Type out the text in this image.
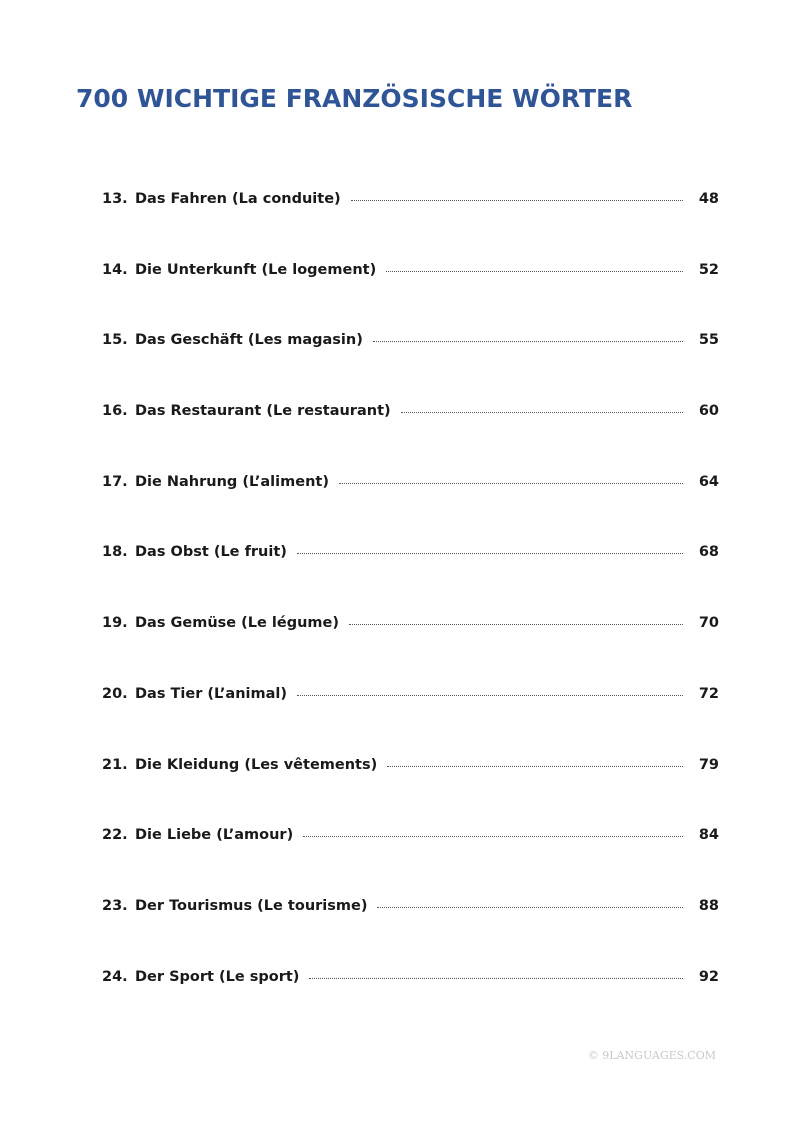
700 WICHTIGE FRANZÖSISCHE WÖRTER
13. Das Fahren (La conduite)	48
14. Die Unterkunft (Le logement)	52
15. Das Geschäft (Les magasin)	55
16. Das Restaurant (Le restaurant)	60
17. Die Nahrung (L’aliment)	64
18. Das Obst (Le fruit)	68
19. Das Gemüse (Le légume)	70
20. Das Tier (L’animal)	72
21. Die Kleidung (Les vêtements)	79
22. Die Liebe (L’amour)	84
23. Der Tourismus (Le tourisme)	88
24. Der Sport (Le sport)	92

© 9LANGUAGES.COM
